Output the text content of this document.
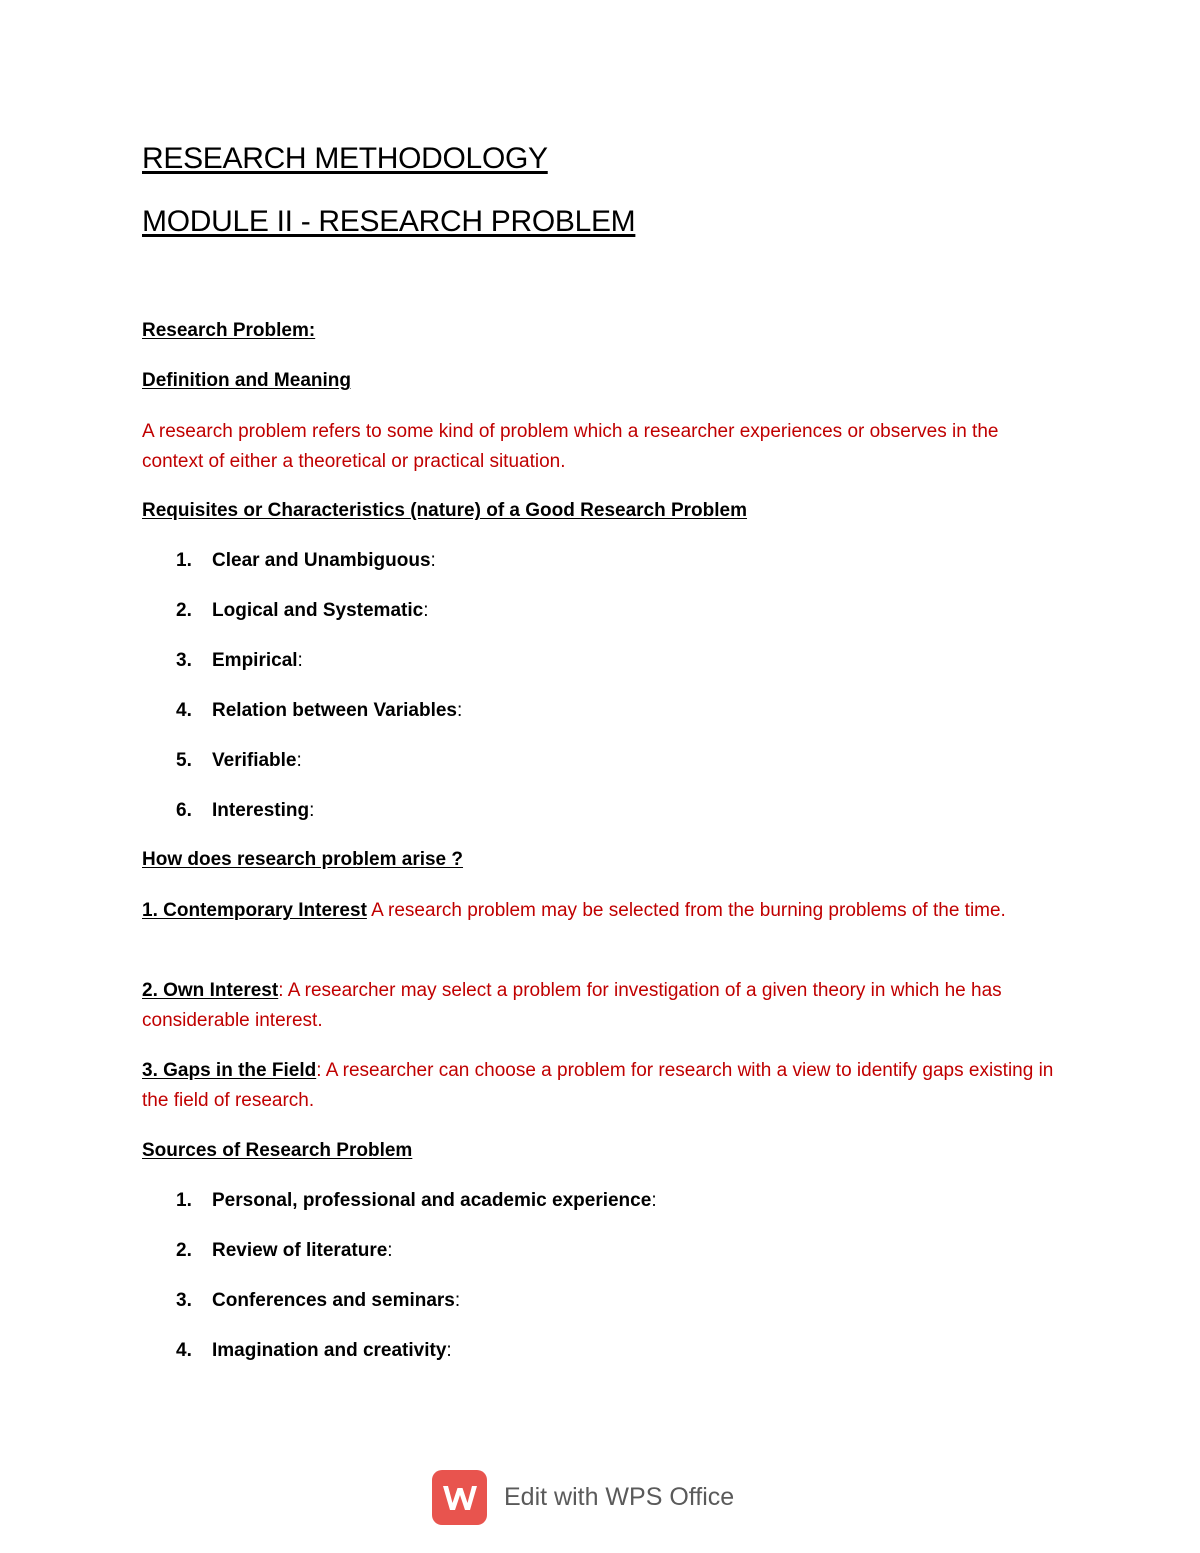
RESEARCH METHODOLOGY
MODULE II - RESEARCH PROBLEM
Research Problem:
Definition and Meaning
A research problem refers to some kind of problem which a researcher experiences or observes in the context of either a theoretical or practical situation.
Requisites or Characteristics (nature) of a Good Research Problem
1. Clear and Unambiguous:
2. Logical and Systematic:
3. Empirical:
4. Relation between Variables:
5. Verifiable:
6. Interesting:
How does research problem arise ?
1. Contemporary Interest A research problem may be selected from the burning problems of the time.
2. Own Interest: A researcher may select a problem for investigation of a given theory in which he has considerable interest.
3. Gaps in the Field: A researcher can choose a problem for research with a view to identify gaps existing in the field of research.
Sources of Research Problem
1. Personal, professional and academic experience:
2. Review of literature:
3. Conferences and seminars:
4. Imagination and creativity:
Edit with WPS Office
